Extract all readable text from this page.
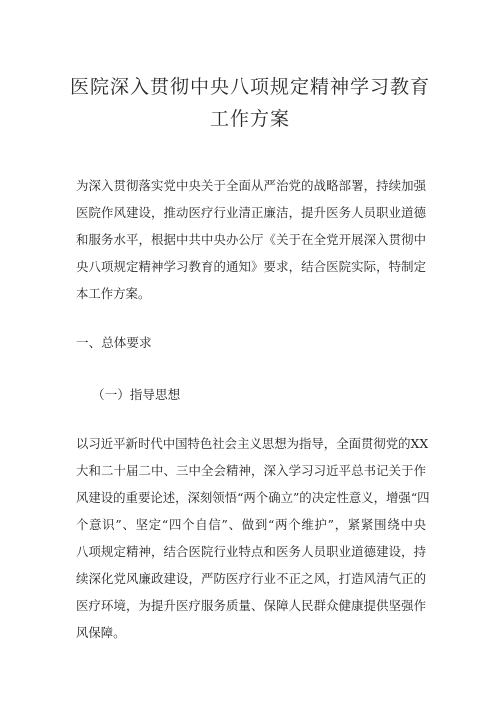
医院深入贯彻中央八项规定精神学习教育
工作方案
为深入贯彻落实党中央关于全面从严治党的战略部署，持续加强
医院作风建设，推动医疗行业清正廉洁，提升医务人员职业道德
和服务水平，根据中共中央办公厅《关于在全党开展深入贯彻中
央八项规定精神学习教育的通知》要求，结合医院实际，特制定
本工作方案。
一、总体要求
（一）指导思想
以习近平新时代中国特色社会主义思想为指导，全面贯彻党的XX
大和二十届二中、三中全会精神，深入学习习近平总书记关于作
风建设的重要论述，深刻领悟“两个确立”的决定性意义，增强“四
个意识”、坚定“四个自信”、做到“两个维护”，紧紧围绕中央
八项规定精神，结合医院行业特点和医务人员职业道德建设，持
续深化党风廉政建设，严防医疗行业不正之风，打造风清气正的
医疗环境，为提升医疗服务质量、保障人民群众健康提供坚强作
风保障。
